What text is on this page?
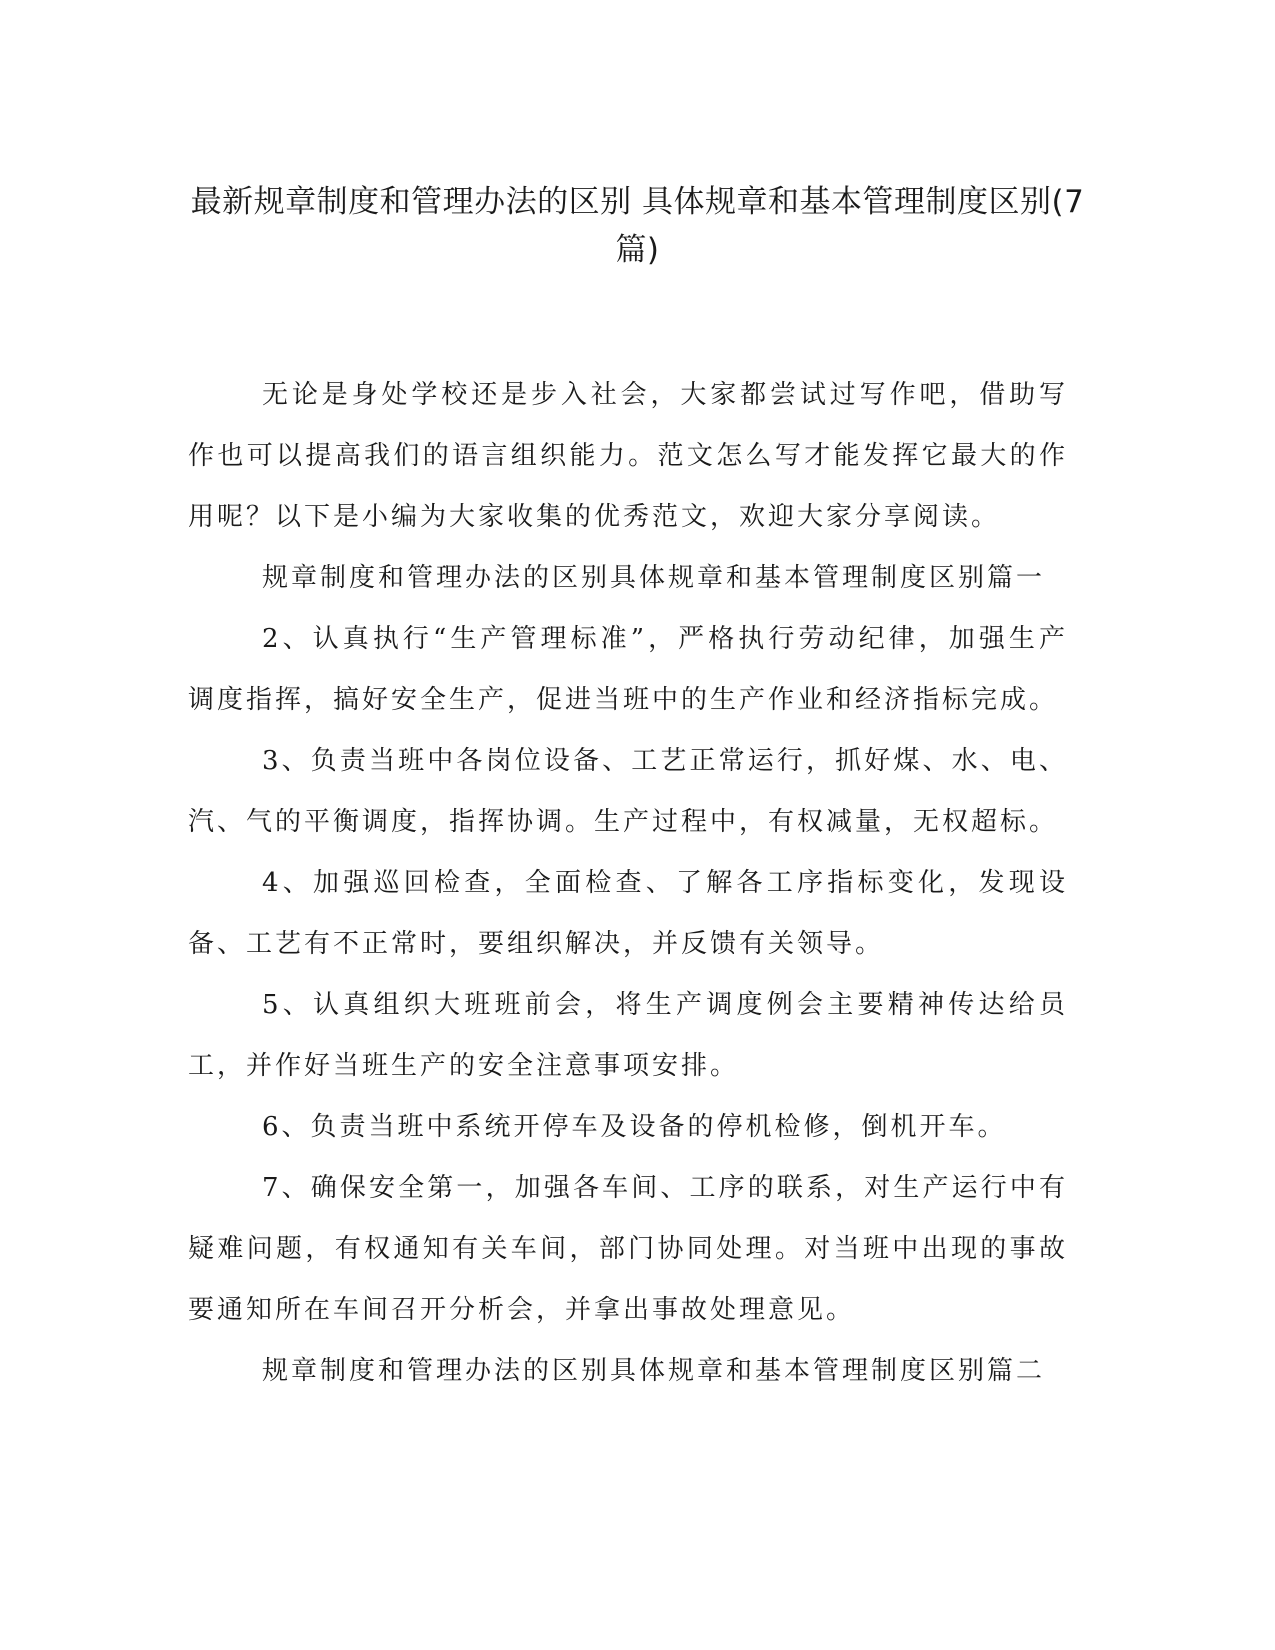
最新规章制度和管理办法的区别 具体规章和基本管理制度区别(7篇)

无论是身处学校还是步入社会，大家都尝试过写作吧，借助写作也可以提高我们的语言组织能力。范文怎么写才能发挥它最大的作用呢？以下是小编为大家收集的优秀范文，欢迎大家分享阅读。

规章制度和管理办法的区别具体规章和基本管理制度区别篇一

2、认真执行“生产管理标准”，严格执行劳动纪律，加强生产调度指挥，搞好安全生产，促进当班中的生产作业和经济指标完成。

3、负责当班中各岗位设备、工艺正常运行，抓好煤、水、电、汽、气的平衡调度，指挥协调。生产过程中，有权减量，无权超标。

4、加强巡回检查，全面检查、了解各工序指标变化，发现设备、工艺有不正常时，要组织解决，并反馈有关领导。

5、认真组织大班班前会，将生产调度例会主要精神传达给员工，并作好当班生产的安全注意事项安排。

6、负责当班中系统开停车及设备的停机检修，倒机开车。

7、确保安全第一，加强各车间、工序的联系，对生产运行中有疑难问题，有权通知有关车间，部门协同处理。对当班中出现的事故要通知所在车间召开分析会，并拿出事故处理意见。

规章制度和管理办法的区别具体规章和基本管理制度区别篇二
